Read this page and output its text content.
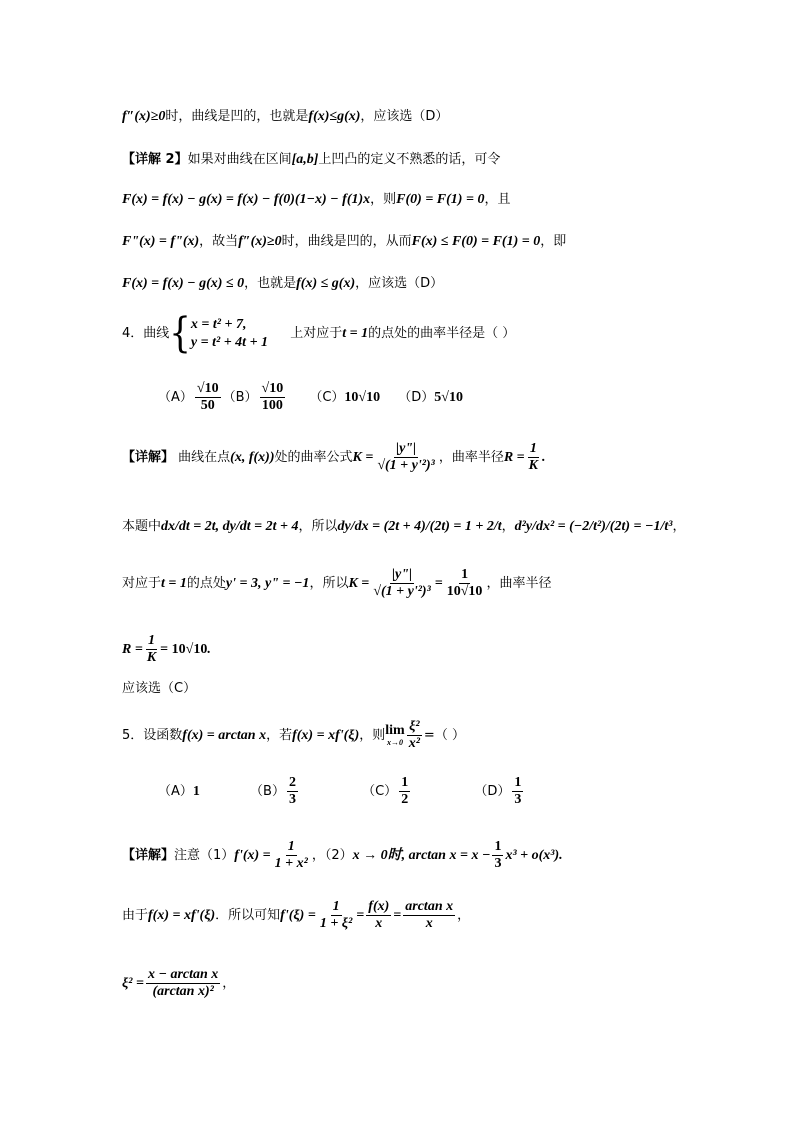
f″(x)≥0时，曲线是凹的，也就是f(x)≤g(x)，应该选（D）
【详解 2】如果对曲线在区间[a,b]上凹凸的定义不熟悉的话，可令
F(x) = f(x) − g(x) = f(x) − f(0)(1−x) − f(1)x，则F(0) = F(1) = 0，且
F"(x) = f"(x)，故当f″(x)≥0时，曲线是凹的，从而F(x) ≤ F(0) = F(1) = 0，即
F(x) = f(x) − g(x) ≤ 0，也就是f(x) ≤ g(x)，应该选（D）
4．曲线{ x = t² + 7,
y = t² + 4t + 1
上对应于t = 1的点处的曲率半径是（ ）
$(A) \frac{√10}{50} (B) \frac{√10}{100} (C)10√10$ （D）5√10
【详解】 曲线在点(x, f(x))处的曲率公式$K = \frac{|y"|}{\text{√(1 + y'²)³}}$ ，曲率半径$R = \frac{1}{K}$ .
本题中dx/dt = 2t, dy/dt = 2t + 4，所以dy/dx = (2t + 4)/(2t) = 1 + 2/t，d²y/dx² = (−2/t²)/(2t) = −1/t³，
对应于t = 1的点处y' = 3, y" = −1，所以$K = \frac{|y"|}{\text{√(1 + y'²)³}} = \frac{1}{10√10}$ ，曲率半径
$R = \frac{1}{K} = 10√10$.
应该选（C）
5．设函数f(x) = arctan x，若f(x) = xf'(ξ)，则 lim
$x\to 0 \frac{\text{ξ²}}{\text{x²}}$ =（ ）
（A）1	$(B) \frac{2}{3}$	$(C) \frac{1}{2}$	$(D) \frac{1}{3}$
【详解】注意$(1)f'(x) = \frac{1}{\text{1 + x²}}$ ，（2）x → 0时, $\arctan x = x - \frac{1}{3} x^3 + o(x^3)$.
由于f(x) = xf'(ξ)．所以可知$f'(\xi) = \frac{1}{\text{1 + ξ²}} = \frac{f(x)}{x} = \frac{\text{arctan x}}{x}$ ，
$\xi^2 = \frac{\text{x − arctan x}}{\text{(arctan x)²}}$ ，
